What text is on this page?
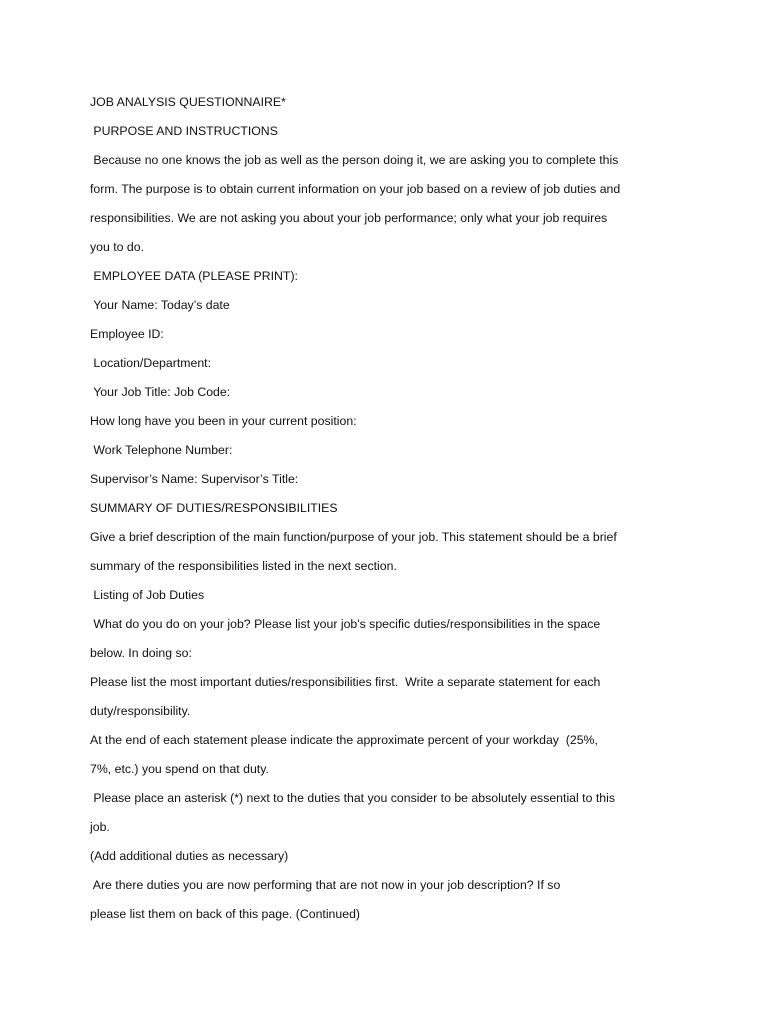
JOB ANALYSIS QUESTIONNAIRE*
PURPOSE AND INSTRUCTIONS
Because no one knows the job as well as the person doing it, we are asking you to complete this
form. The purpose is to obtain current information on your job based on a review of job duties and
responsibilities. We are not asking you about your job performance; only what your job requires
you to do.
EMPLOYEE DATA (PLEASE PRINT):
Your Name: Today’s date
Employee ID:
Location/Department:
Your Job Title: Job Code:
How long have you been in your current position:
Work Telephone Number:
Supervisor’s Name: Supervisor’s Title:
SUMMARY OF DUTIES/RESPONSIBILITIES
Give a brief description of the main function/purpose of your job. This statement should be a brief
summary of the responsibilities listed in the next section.
Listing of Job Duties
What do you do on your job? Please list your job's specific duties/responsibilities in the space
below. In doing so:
Please list the most important duties/responsibilities first.  Write a separate statement for each
duty/responsibility.
At the end of each statement please indicate the approximate percent of your workday  (25%,
7%, etc.) you spend on that duty.
Please place an asterisk (*) next to the duties that you consider to be absolutely essential to this
job.
(Add additional duties as necessary)
Are there duties you are now performing that are not now in your job description? If so
please list them on back of this page. (Continued)
